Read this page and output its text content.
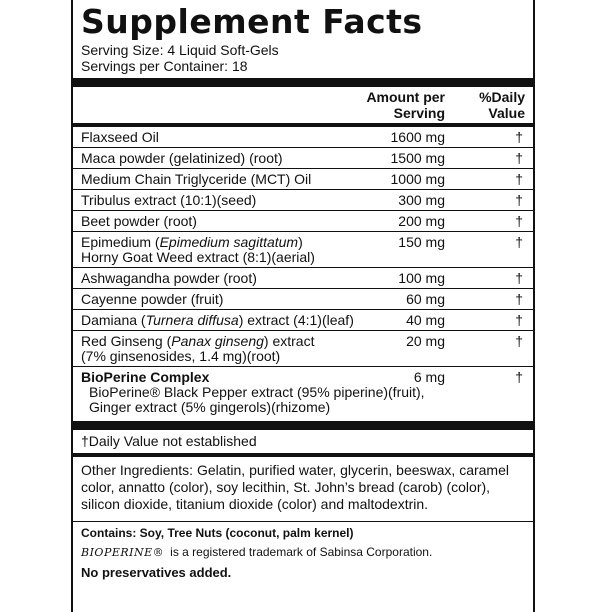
Supplement Facts
Serving Size: 4 Liquid Soft-Gels
Servings per Container: 18
Amount per
Serving
%Daily
Value
Flaxseed Oil	1600 mg	†
Maca powder (gelatinized) (root)	1500 mg	†
Medium Chain Triglyceride (MCT) Oil	1000 mg	†
Tribulus extract (10:1)(seed)	300 mg	†
Beet powder (root)	200 mg	†
Epimedium (Epimedium sagittatum)
Horny Goat Weed extract (8:1)(aerial)
150 mg	†
Ashwagandha powder (root)	100 mg	†
Cayenne powder (fruit)	60 mg	†
Damiana (Turnera diffusa) extract (4:1)(leaf)	40 mg	†
Red Ginseng (Panax ginseng) extract
(7% ginsenosides, 1.4 mg)(root)
20 mg	†
BioPerine Complex
BioPerine® Black Pepper extract (95% piperine)(fruit),
Ginger extract (5% gingerols)(rhizome)
6 mg	†
†Daily Value not established
Other Ingredients: Gelatin, purified water, glycerin, beeswax, caramel color, annatto (color), soy lecithin, St. John’s bread (carob) (color), silicon dioxide, titanium dioxide (color) and maltodextrin.
Contains: Soy, Tree Nuts (coconut, palm kernel)
BIOPERINE® is a registered trademark of Sabinsa Corporation.
No preservatives added.
